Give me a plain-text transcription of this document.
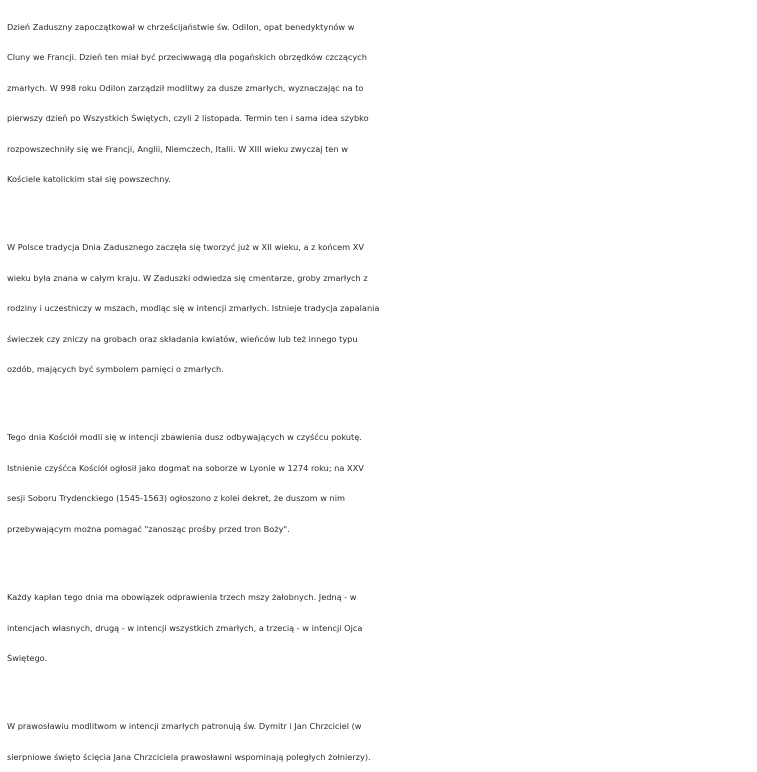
Dzień Zaduszny zapoczątkował w chrześcijaństwie św. Odilon, opat benedyktynów w
Cluny we Francji. Dzień ten miał być przeciwwagą dla pogańskich obrzędków czczących
zmarłych. W 998 roku Odilon zarządził modlitwy za dusze zmarłych, wyznaczając na to
pierwszy dzień po Wszystkich Świętych, czyli 2 listopada. Termin ten i sama idea szybko
rozpowszechniły się we Francji, Anglii, Niemczech, Italii. W XIII wieku zwyczaj ten w
Kościele katolickim stał się powszechny.

W Polsce tradycja Dnia Zadusznego zaczęła się tworzyć już w XII wieku, a z końcem XV
wieku była znana w całym kraju. W Zaduszki odwiedza się cmentarze, groby zmarłych z
rodziny i uczestniczy w mszach, modląc się w intencji zmarłych. Istnieje tradycja zapalania
świeczek czy zniczy na grobach oraz składania kwiatów, wieńców lub też innego typu
ozdób, mających być symbolem pamięci o zmarłych.

Tego dnia Kościół modli się w intencji zbawienia dusz odbywających w czyśćcu pokutę.
Istnienie czyśćca Kościół ogłosił jako dogmat na soborze w Lyonie w 1274 roku; na XXV
sesji Soboru Trydenckiego (1545-1563) ogłoszono z kolei dekret, że duszom w nim
przebywającym można pomagać "zanosząc prośby przed tron Boży".

Każdy kapłan tego dnia ma obowiązek odprawienia trzech mszy żałobnych. Jedną - w
intencjach własnych, drugą - w intencji wszystkich zmarłych, a trzecią - w intencji Ojca
Świętego.

W prawosławiu modlitwom w intencji zmarłych patronują św. Dymitr i Jan Chrzciciel (w
sierpniowe święto ścięcia Jana Chrzciciela prawosławni wspominają poległych żołnierzy).
